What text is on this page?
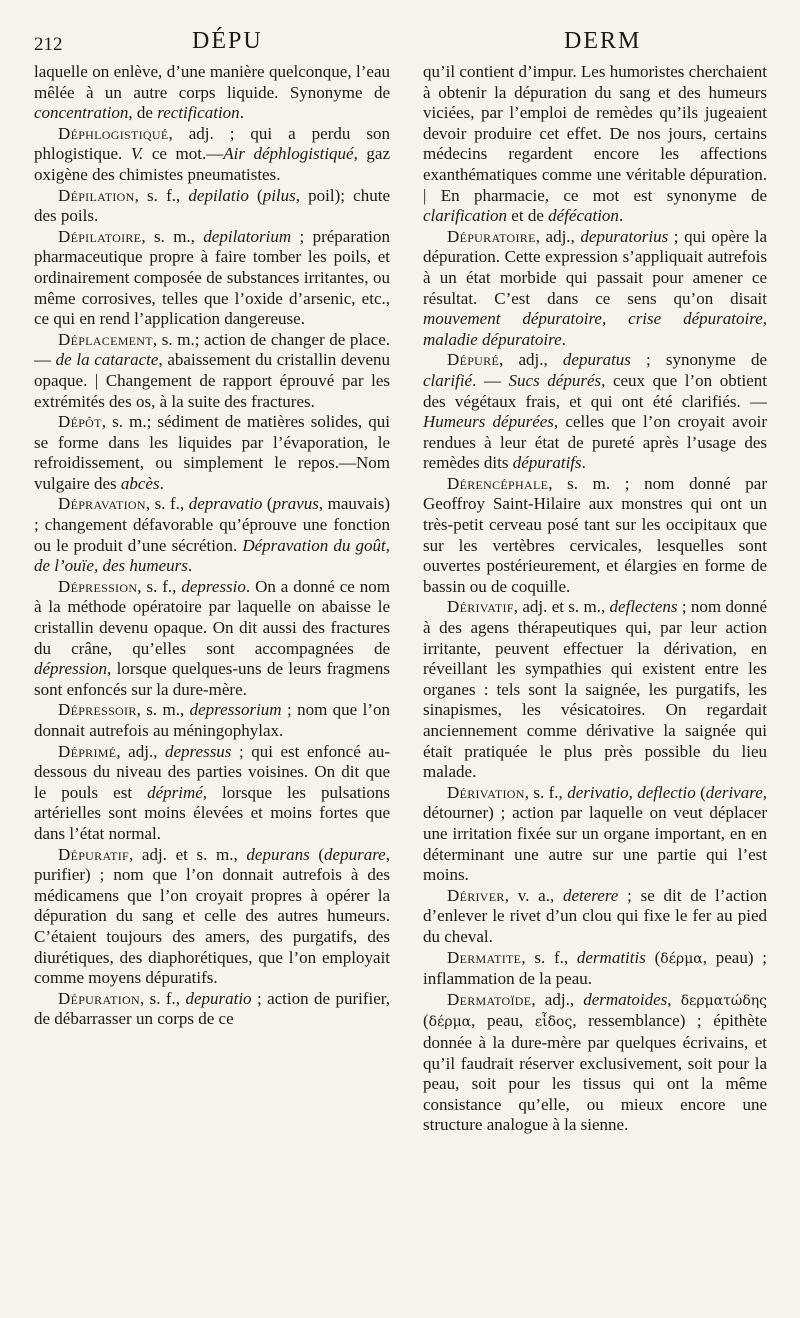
212	DÉPU	DERM

laquelle on enlève, d’une manière quelconque, l’eau mêlée à un autre corps liquide. Synonyme de concentration, de rectification.

Déphlogistiqué, adj. ; qui a perdu son phlogistique. V. ce mot.—Air déphlogistiqué, gaz oxigène des chimistes pneumatistes.

Dépilation, s. f., depilatio (pilus, poil); chute des poils.

Dépilatoire, s. m., depilatorium ; préparation pharmaceutique propre à faire tomber les poils, et ordinairement composée de substances irritantes, ou même corrosives, telles que l’oxide d’arsenic, etc., ce qui en rend l’application dangereuse.

Déplacement, s. m.; action de changer de place. — de la cataracte, abaissement du cristallin devenu opaque. | Changement de rapport éprouvé par les extrémités des os, à la suite des fractures.

Dépôt, s. m.; sédiment de matières solides, qui se forme dans les liquides par l’évaporation, le refroidissement, ou simplement le repos.—Nom vulgaire des abcès.

Dépravation, s. f., depravatio (pravus, mauvais) ; changement défavorable qu’éprouve une fonction ou le produit d’une sécrétion. Dépravation du goût, de l’ouïe, des humeurs.

Dépression, s. f., depressio. On a donné ce nom à la méthode opératoire par laquelle on abaisse le cristallin devenu opaque. On dit aussi des fractures du crâne, qu’elles sont accompagnées de dépression, lorsque quelques-uns de leurs fragmens sont enfoncés sur la dure-mère.

Dépressoir, s. m., depressorium ; nom que l’on donnait autrefois au méningophylax.

Déprimé, adj., depressus ; qui est enfoncé au-dessous du niveau des parties voisines. On dit que le pouls est déprimé, lorsque les pulsations artérielles sont moins élevées et moins fortes que dans l’état normal.

Dépuratif, adj. et s. m., depurans (depurare, purifier) ; nom que l’on donnait autrefois à des médicamens que l’on croyait propres à opérer la dépuration du sang et celle des autres humeurs. C’étaient toujours des amers, des purgatifs, des diurétiques, des diaphorétiques, que l’on employait comme moyens dépuratifs.

Dépuration, s. f., depuratio ; action de purifier, de débarrasser un corps de ce

qu’il contient d’impur. Les humoristes cherchaient à obtenir la dépuration du sang et des humeurs viciées, par l’emploi de remèdes qu’ils jugeaient devoir produire cet effet. De nos jours, certains médecins regardent encore les affections exanthématiques comme une véritable dépuration. | En pharmacie, ce mot est synonyme de clarification et de défécation.

Dépuratoire, adj., depuratorius ; qui opère la dépuration. Cette expression s’appliquait autrefois à un état morbide qui passait pour amener ce résultat. C’est dans ce sens qu’on disait mouvement dépuratoire, crise dépuratoire, maladie dépuratoire.

Dépuré, adj., depuratus ; synonyme de clarifié. — Sucs dépurés, ceux que l’on obtient des végétaux frais, et qui ont été clarifiés. — Humeurs dépurées, celles que l’on croyait avoir rendues à leur état de pureté après l’usage des remèdes dits dépuratifs.

Dérencéphale, s. m. ; nom donné par Geoffroy Saint-Hilaire aux monstres qui ont un très-petit cerveau posé tant sur les occipitaux que sur les vertèbres cervicales, lesquelles sont ouvertes postérieurement, et élargies en forme de bassin ou de coquille.

Dérivatif, adj. et s. m., deflectens ; nom donné à des agens thérapeutiques qui, par leur action irritante, peuvent effectuer la dérivation, en réveillant les sympathies qui existent entre les organes : tels sont la saignée, les purgatifs, les sinapismes, les vésicatoires. On regardait anciennement comme dérivative la saignée qui était pratiquée le plus près possible du lieu malade.

Dérivation, s. f., derivatio, deflectio (derivare, détourner) ; action par laquelle on veut déplacer une irritation fixée sur un organe important, en en déterminant une autre sur une partie qui l’est moins.

Dériver, v. a., deterere ; se dit de l’action d’enlever le rivet d’un clou qui fixe le fer au pied du cheval.

Dermatite, s. f., dermatitis (δέρμα, peau) ; inflammation de la peau.

Dermatoïde, adj., dermatoides, δερματώδης (δέρμα, peau, εἶδος, ressemblance) ; épithète donnée à la dure-mère par quelques écrivains, et qu’il faudrait réserver exclusivement, soit pour la peau, soit pour les tissus qui ont la même consistance qu’elle, ou mieux encore une structure analogue à la sienne.
